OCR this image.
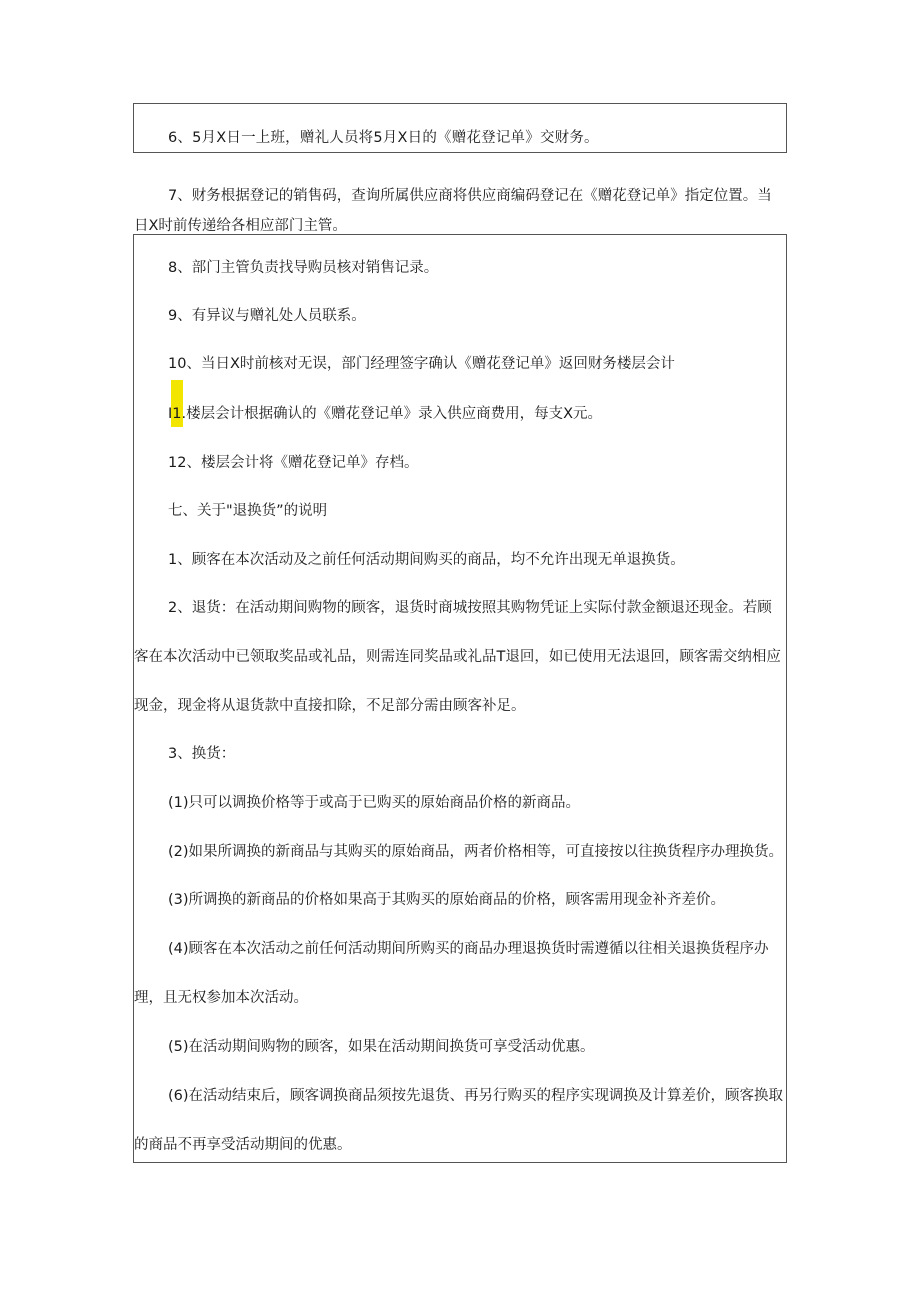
6、5月X日一上班，赠礼人员将5月X日的《赠花登记单》交财务。
7、财务根据登记的销售码，查询所属供应商将供应商编码登记在《赠花登记单》指定位置。当
日X时前传递给各相应部门主管。
8、部门主管负责找导购员核对销售记录。
9、有异议与赠礼处人员联系。
10、当日X时前核对无误，部门经理签字确认《赠花登记单》返回财务楼层会计
I1.楼层会计根据确认的《赠花登记单》录入供应商费用，每支X元。
12、楼层会计将《赠花登记单》存档。
七、关于"退换货”的说明
1、顾客在本次活动及之前任何活动期间购买的商品，均不允许出现无单退换货。
2、退货：在活动期间购物的顾客，退货时商城按照其购物凭证上实际付款金额退还现金。若顾
客在本次活动中已领取奖品或礼品，则需连同奖品或礼品T退回，如已使用无法退回，顾客需交纳相应
现金，现金将从退货款中直接扣除，不足部分需由顾客补足。
3、换货：
(1)只可以调换价格等于或高于已购买的原始商品价格的新商品。
(2)如果所调换的新商品与其购买的原始商品，两者价格相等，可直接按以往换货程序办理换货。
(3)所调换的新商品的价格如果高于其购买的原始商品的价格，顾客需用现金补齐差价。
(4)顾客在本次活动之前任何活动期间所购买的商品办理退换货时需遵循以往相关退换货程序办
理，且无权参加本次活动。
(5)在活动期间购物的顾客，如果在活动期间换货可享受活动优惠。
(6)在活动结束后，顾客调换商品须按先退货、再另行购买的程序实现调换及计算差价，顾客换取
的商品不再享受活动期间的优惠。
